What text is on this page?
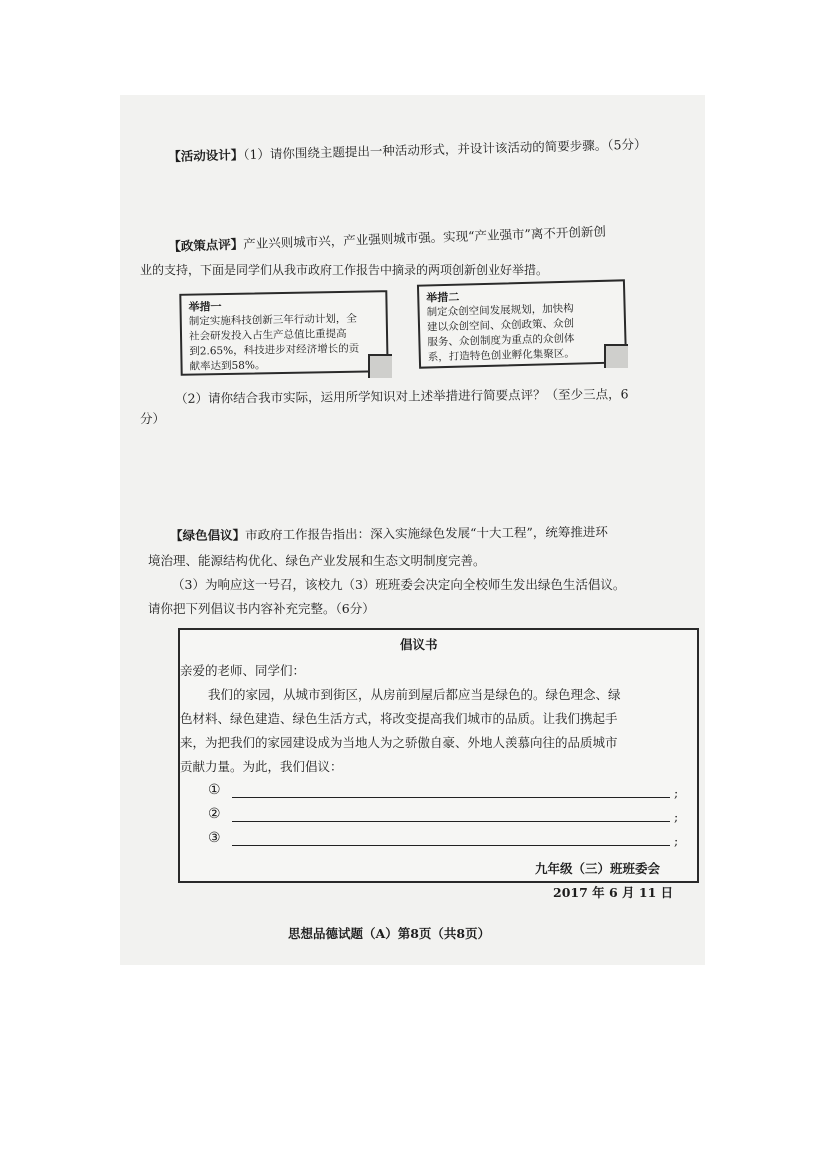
【活动设计】（1）请你围绕主题提出一种活动形式，并设计该活动的简要步骤。（5分）
【政策点评】产业兴则城市兴，产业强则城市强。实现“产业强市”离不开创新创
业的支持，下面是同学们从我市政府工作报告中摘录的两项创新创业好举措。
举措一
制定实施科技创新三年行动计划，全
社会研发投入占生产总值比重提高
到2.65%，科技进步对经济增长的贡
献率达到58%。
举措二
制定众创空间发展规划，加快构
建以众创空间、众创政策、众创
服务、众创制度为重点的众创体
系，打造特色创业孵化集聚区。
（2）请你结合我市实际，运用所学知识对上述举措进行简要点评？（至少三点，6
分）
【绿色倡议】市政府工作报告指出：深入实施绿色发展“十大工程”，统筹推进环
境治理、能源结构优化、绿色产业发展和生态文明制度完善。
（3）为响应这一号召，该校九（3）班班委会决定向全校师生发出绿色生活倡议。
请你把下列倡议书内容补充完整。（6分）
倡议书
亲爱的老师、同学们：
我们的家园，从城市到街区，从房前到屋后都应当是绿色的。绿色理念、绿
色材料、绿色建造、绿色生活方式，将改变提高我们城市的品质。让我们携起手
来，为把我们的家园建设成为当地人为之骄傲自豪、外地人羡慕向往的品质城市
贡献力量。为此，我们倡议：
①	;
②	;
③	;
九年级（三）班班委会
2017 年 6 月 11 日
思想品德试题（A）第8页（共8页）
